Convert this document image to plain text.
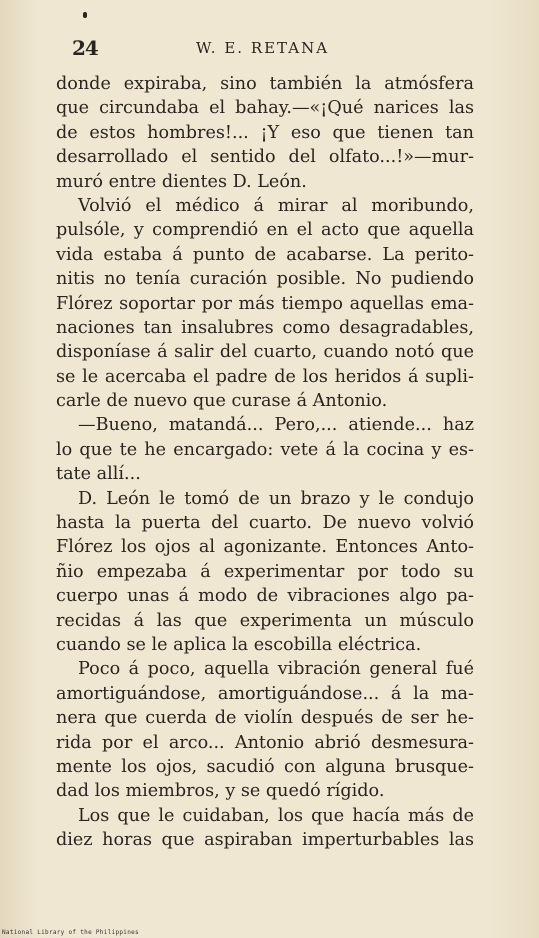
24	W. E. RETANA
donde expiraba, sino también la atmósfera
que circundaba el bahay.—«¡Qué narices las
de estos hombres!... ¡Y eso que tienen tan
desarrollado el sentido del olfato...!»—mur-
muró entre dientes D. León.
Volvió el médico á mirar al moribundo,
pulsóle, y comprendió en el acto que aquella
vida estaba á punto de acabarse. La perito-
nitis no tenía curación posible. No pudiendo
Flórez soportar por más tiempo aquellas ema-
naciones tan insalubres como desagradables,
disponíase á salir del cuarto, cuando notó que
se le acercaba el padre de los heridos á supli-
carle de nuevo que curase á Antonio.
—Bueno, matandá... Pero,... atiende... haz
lo que te he encargado: vete á la cocina y es-
tate allí...
D. León le tomó de un brazo y le condujo
hasta la puerta del cuarto. De nuevo volvió
Flórez los ojos al agonizante. Entonces Anto-
ñio empezaba á experimentar por todo su
cuerpo unas á modo de vibraciones algo pa-
recidas á las que experimenta un músculo
cuando se le aplica la escobilla eléctrica.
Poco á poco, aquella vibración general fué
amortiguándose, amortiguándose... á la ma-
nera que cuerda de violín después de ser he-
rida por el arco... Antonio abrió desmesura-
mente los ojos, sacudió con alguna brusque-
dad los miembros, y se quedó rígido.
Los que le cuidaban, los que hacía más de
diez horas que aspiraban imperturbables las
National Library of the Philippines
